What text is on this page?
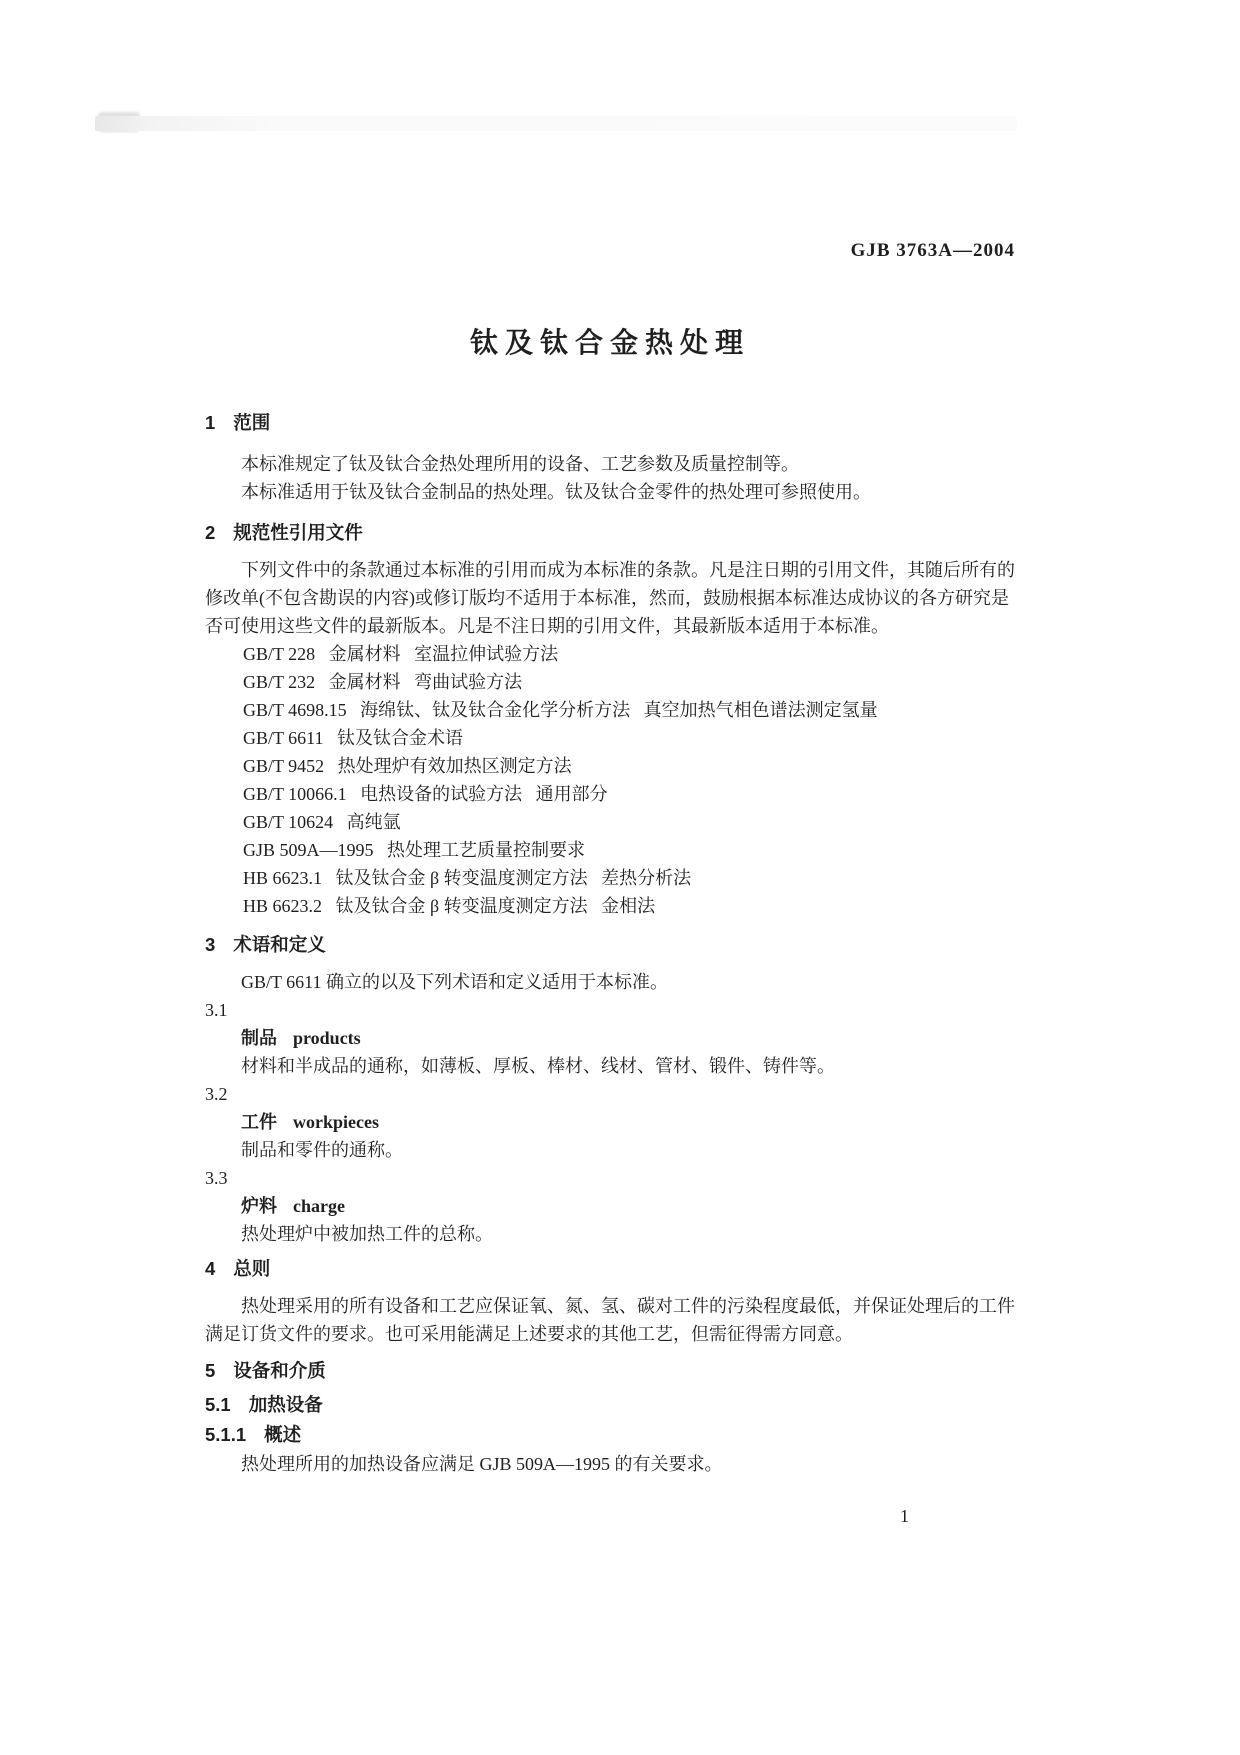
GJB 3763A—2004
钛及钛合金热处理
1 范围
本标准规定了钛及钛合金热处理所用的设备、工艺参数及质量控制等。
本标准适用于钛及钛合金制品的热处理。钛及钛合金零件的热处理可参照使用。
2 规范性引用文件
下列文件中的条款通过本标准的引用而成为本标准的条款。凡是注日期的引用文件，其随后所有的
修改单(不包含勘误的内容)或修订版均不适用于本标准，然而，鼓励根据本标准达成协议的各方研究是
否可使用这些文件的最新版本。凡是不注日期的引用文件，其最新版本适用于本标准。
GB/T 228   金属材料   室温拉伸试验方法
GB/T 232   金属材料   弯曲试验方法
GB/T 4698.15   海绵钛、钛及钛合金化学分析方法   真空加热气相色谱法测定氢量
GB/T 6611   钛及钛合金术语
GB/T 9452   热处理炉有效加热区测定方法
GB/T 10066.1   电热设备的试验方法   通用部分
GB/T 10624   高纯氩
GJB 509A—1995   热处理工艺质量控制要求
HB 6623.1   钛及钛合金 β 转变温度测定方法   差热分析法
HB 6623.2   钛及钛合金 β 转变温度测定方法   金相法
3 术语和定义
GB/T 6611 确立的以及下列术语和定义适用于本标准。
3.1
制品 products
材料和半成品的通称，如薄板、厚板、棒材、线材、管材、锻件、铸件等。
3.2
工件 workpieces
制品和零件的通称。
3.3
炉料 charge
热处理炉中被加热工件的总称。
4 总则
热处理采用的所有设备和工艺应保证氧、氮、氢、碳对工件的污染程度最低，并保证处理后的工件
满足订货文件的要求。也可采用能满足上述要求的其他工艺，但需征得需方同意。
5 设备和介质
5.1 加热设备
5.1.1 概述
热处理所用的加热设备应满足 GJB 509A—1995 的有关要求。
1
